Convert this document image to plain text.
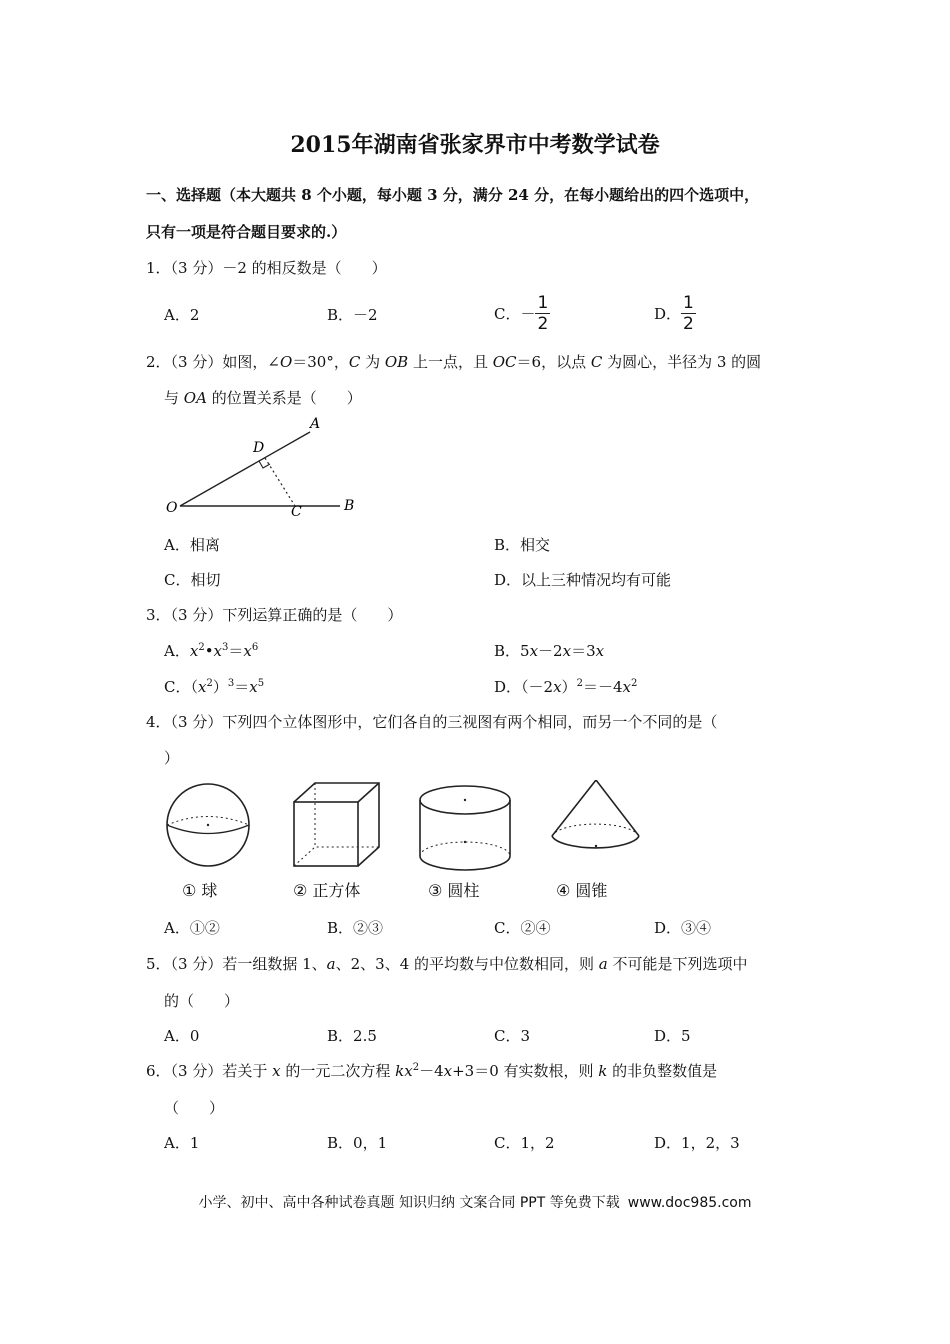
2015年湖南省张家界市中考数学试卷
一、选择题（本大题共 8 个小题，每小题 3 分，满分 24 分，在每小题给出的四个选项中，
只有一项是符合题目要求的.）
1．（3 分）－2 的相反数是（　　）
A．2	B．－2	C．－ $\frac{1}{2}$	D． $\frac{1}{2}$
2．（3 分）如图，∠O＝30°，C 为 OB 上一点，且 OC＝6，以点 C 为圆心，半径为 3 的圆
与 OA 的位置关系是（　　）
O
A
B
C
D
A．相离	B．相交
C．相切	D．以上三种情况均有可能
3．（3 分）下列运算正确的是（　　）
A．$x^2•x^3=x^6$	B．5x－2x＝3x
C．$(x^2)^3=x^5$	D．$(-2x)^2=-4x^2$
4．（3 分）下列四个立体图形中，它们各自的三视图有两个相同，而另一个不同的是（
）
① 球	② 正方体	③ 圆柱	④ 圆锥
A．①②	B．②③	C．②④	D．③④
5．（3 分）若一组数据 1、a、2、3、4 的平均数与中位数相同，则 a 不可能是下列选项中
的（　　）
A．0	B．2.5	C．3	D．5
6．（3 分）若关于 x 的一元二次方程 $kx^2-4x+3=0$ 有实数根，则 k 的非负整数值是
（　　）
A．1	B．0，1	C．1，2	D．1，2，3
小学、初中、高中各种试卷真题 知识归纳 文案合同 PPT 等免费下载 www.doc985.com
